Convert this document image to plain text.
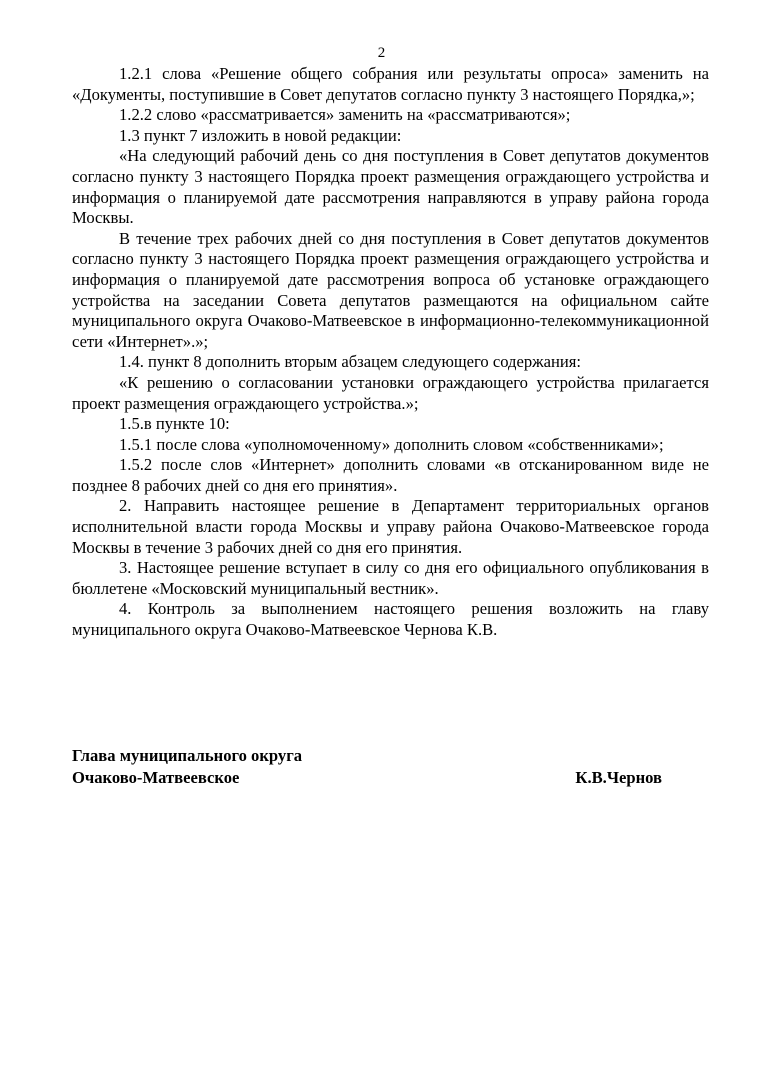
2

1.2.1 слова «Решение общего собрания или результаты опроса» заменить на «Документы, поступившие в Совет депутатов согласно пункту 3 настоящего Порядка,»;

1.2.2 слово «рассматривается» заменить на «рассматриваются»;

1.3 пункт 7 изложить в новой редакции:

«На следующий рабочий день со дня поступления в Совет депутатов документов согласно пункту 3 настоящего Порядка проект размещения ограждающего устройства и информация о планируемой дате рассмотрения направляются в управу района города Москвы.

В течение трех рабочих дней со дня поступления в Совет депутатов документов согласно пункту 3 настоящего Порядка проект размещения ограждающего устройства и информация о планируемой дате рассмотрения вопроса об установке ограждающего устройства на заседании Совета депутатов размещаются на официальном сайте муниципального округа Очаково-Матвеевское в информационно-телекоммуникационной сети «Интернет».»;

1.4. пункт 8 дополнить вторым абзацем следующего содержания:

«К решению о согласовании установки ограждающего устройства прилагается проект размещения ограждающего устройства.»;

1.5.в пункте 10:

1.5.1 после слова «уполномоченному» дополнить словом «собственниками»;

1.5.2 после слов «Интернет» дополнить словами «в отсканированном виде не позднее 8 рабочих дней со дня его принятия».

2. Направить настоящее решение в Департамент территориальных органов исполнительной власти города Москвы и управу района Очаково-Матвеевское города Москвы в течение 3 рабочих дней со дня его принятия.

3. Настоящее решение вступает в силу со дня его официального опубликования в бюллетене «Московский муниципальный вестник».

4. Контроль за выполнением настоящего решения возложить на главу муниципального округа Очаково-Матвеевское Чернова К.В.

Глава муниципального округа
Очаково-Матвеевское	К.В.Чернов
